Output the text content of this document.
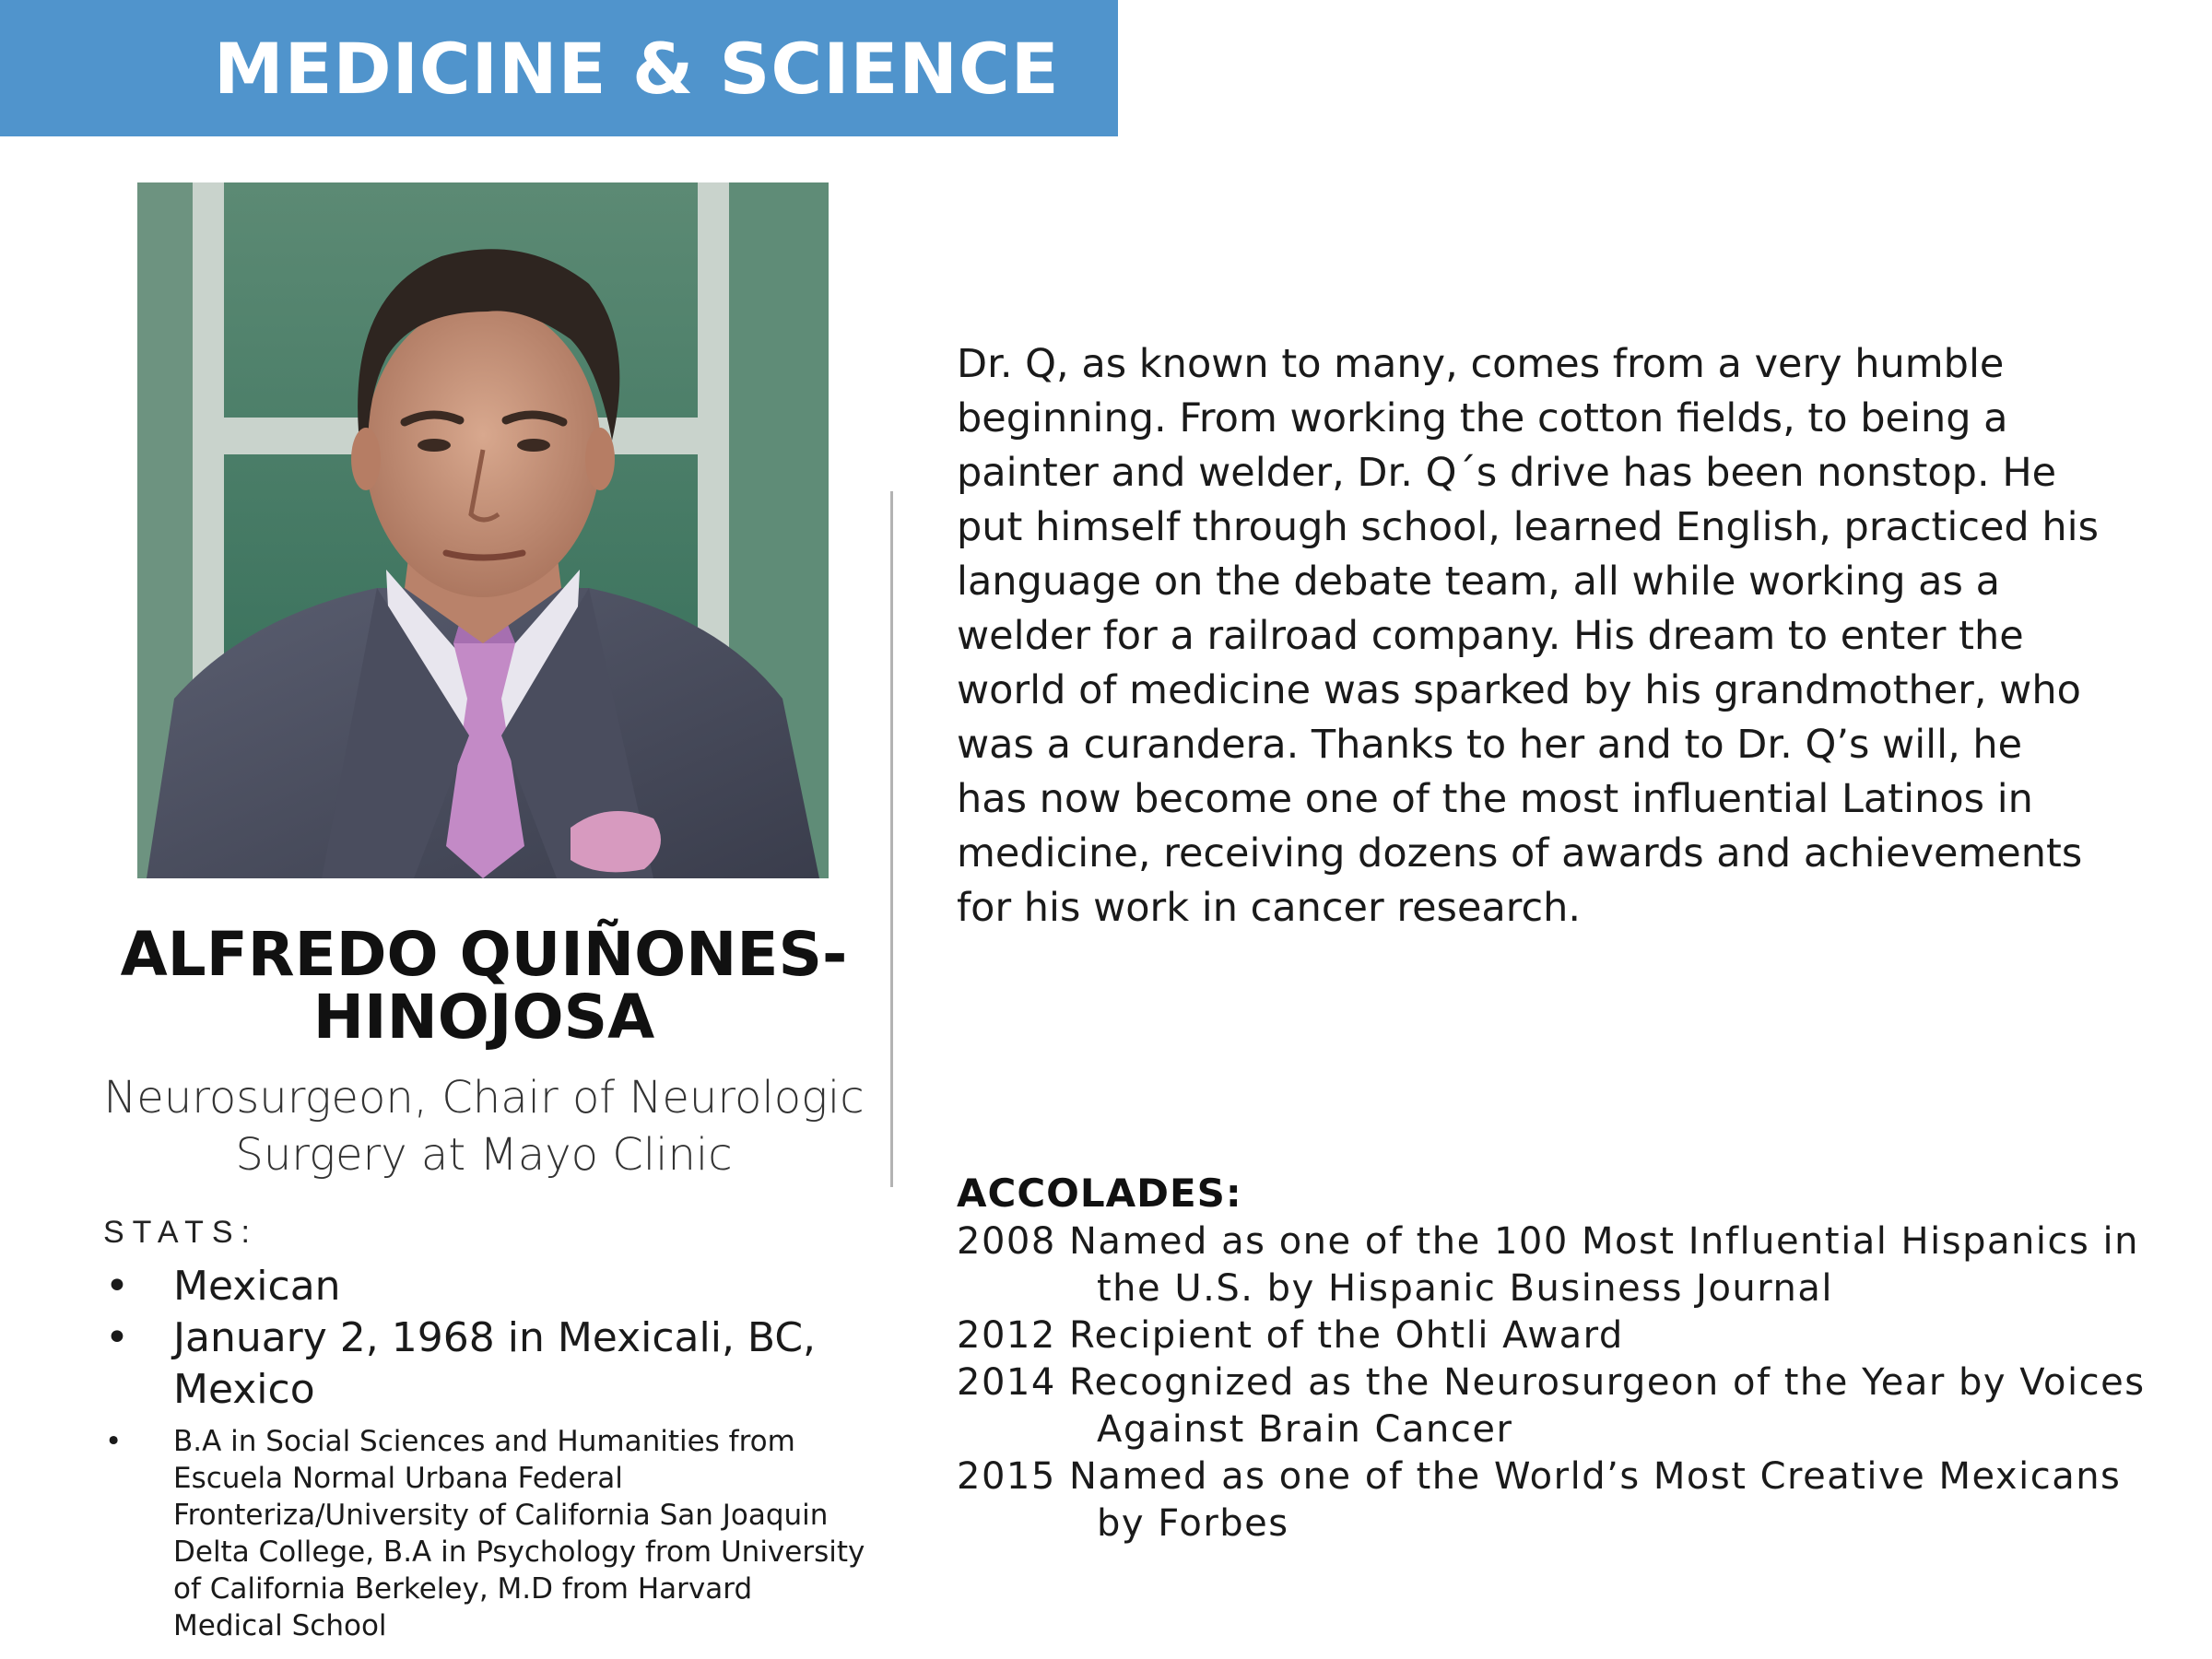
MEDICINE & SCIENCE
ALFREDO QUIÑONES-
HINOJOSA
Neurosurgeon, Chair of Neurologic
Surgery at Mayo Clinic
STATS:
• Mexican
• January 2, 1968 in Mexicali, BC, Mexico
• B.A in Social Sciences and Humanities from Escuela Normal Urbana Federal Fronteriza/University of California San Joaquin Delta College, B.A in Psychology from University of California Berkeley, M.D from Harvard Medical School

Dr. Q, as known to many, comes from a very humble beginning. From working the cotton fields, to being a painter and welder, Dr. Q´s drive has been nonstop. He put himself through school, learned English, practiced his language on the debate team, all while working as a welder for a railroad company. His dream to enter the world of medicine was sparked by his grandmother, who was a curandera. Thanks to her and to Dr. Q’s will, he has now become one of the most influential Latinos in medicine, receiving dozens of awards and achievements for his work in cancer research.

ACCOLADES:
2008 Named as one of the 100 Most Influential Hispanics in the U.S. by Hispanic Business Journal
2012 Recipient of the Ohtli Award
2014 Recognized as the Neurosurgeon of the Year by Voices Against Brain Cancer
2015 Named as one of the World’s Most Creative Mexicans by Forbes
